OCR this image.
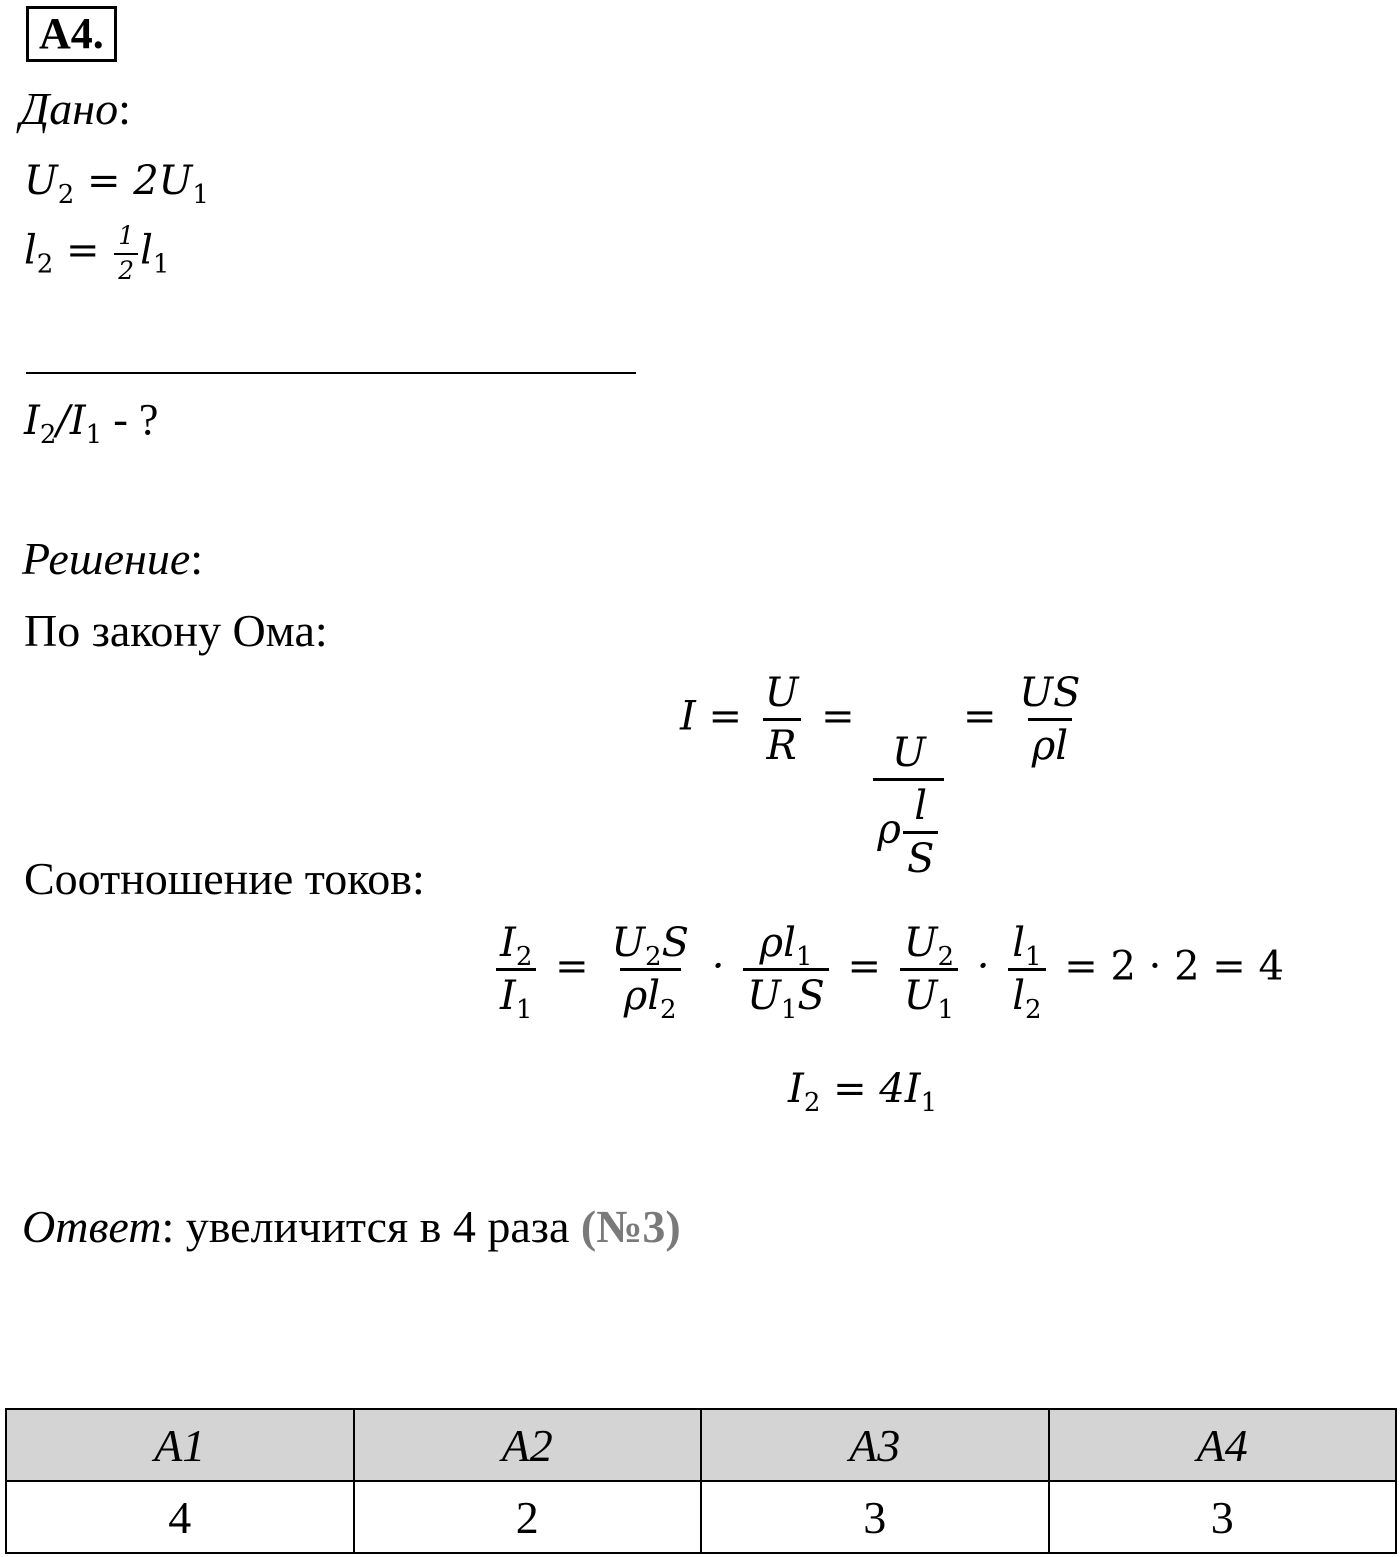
А4.
Дано:
$U_2 = 2U_1$
$l_2 = \frac{1}{2} l_1$
$I_2/I_1$ - ?
Решение:
По закону Ома:
$I = \frac{U}{R}$ =
$\frac{U}{\rho \frac{l}{S}}$
= $\frac{US}{\rho l}$
Соотношение токов:
$\frac{I_2}{I_1} = \frac{U_2S}{\rho l_2} \cdot \frac{\rho l_1}{U_1S} = \frac{U_2}{U_1} \cdot \frac{l_1}{l_2} = 2 \cdot 2 = 4$
$I_2 = 4I_1$
Ответ: увеличится в 4 раза (№3)
А1	А2	А3	А4
4	2	3	3
